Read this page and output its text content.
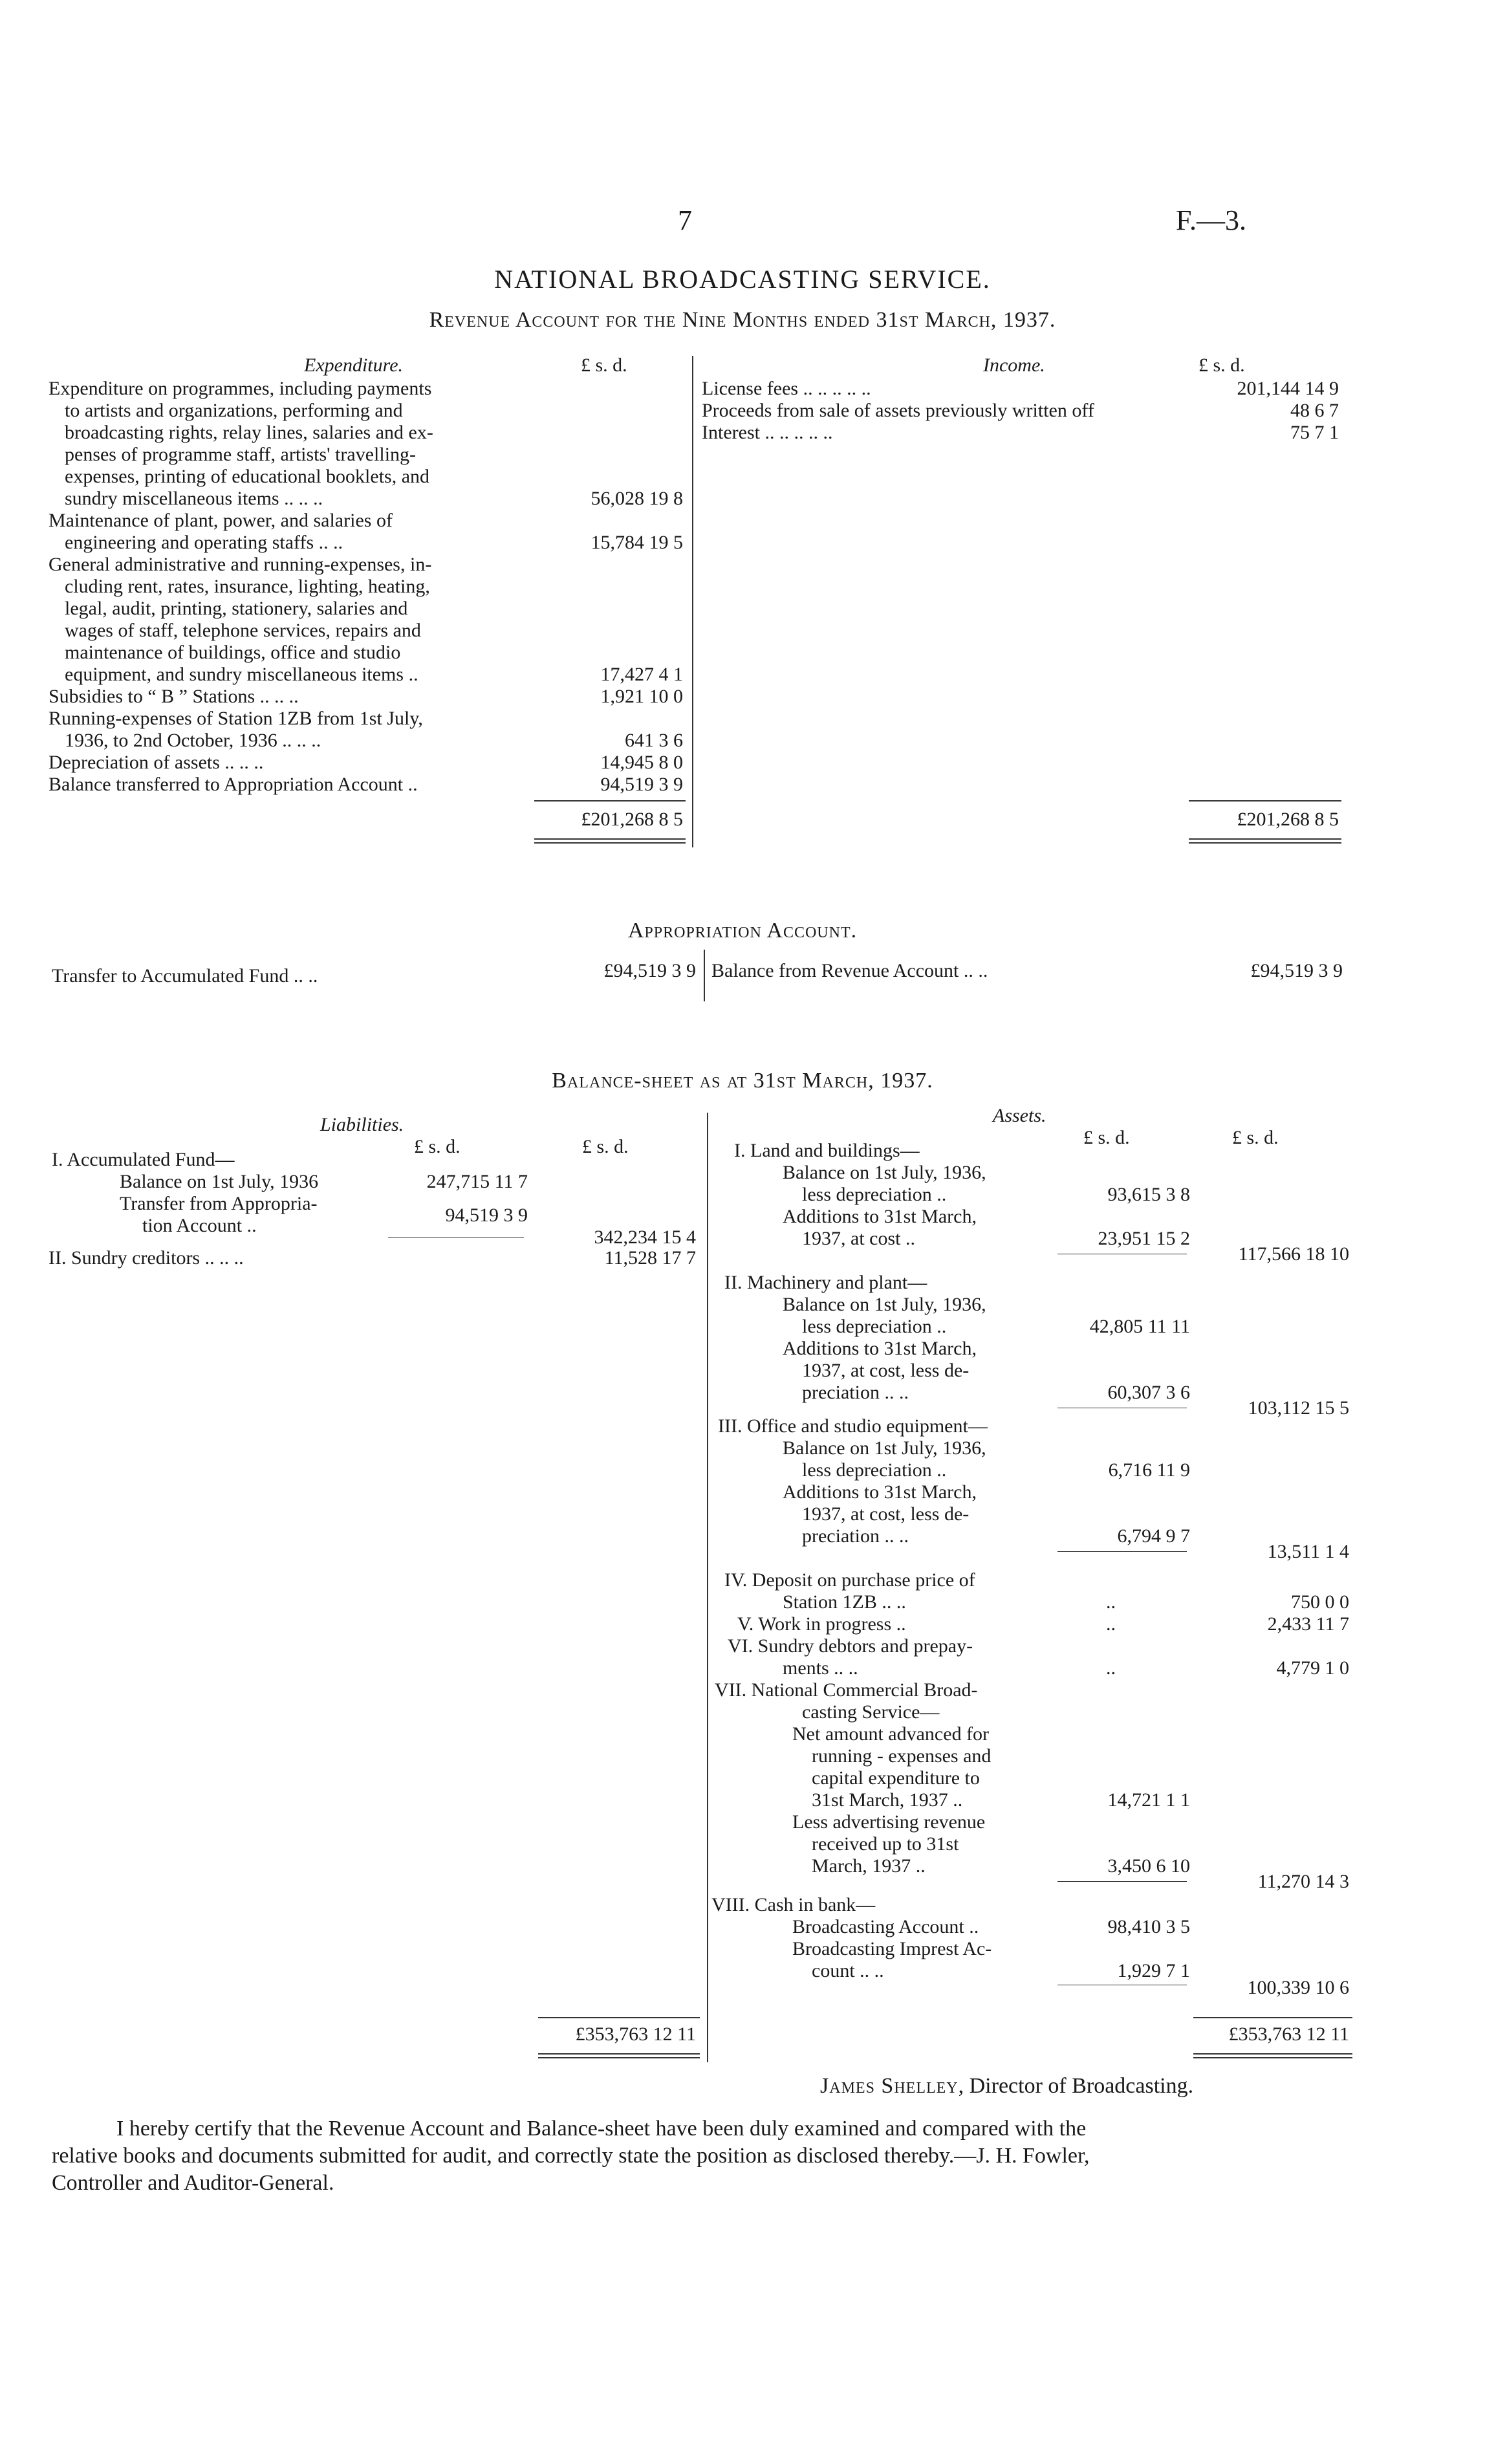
7	F.—3.
NATIONAL BROADCASTING SERVICE.
Revenue Account for the Nine Months ended 31st March, 1937.
Expenditure.	£ s. d.	Income.	£ s. d.
Expenditure on programmes, including payments
to artists and organizations, performing and
broadcasting rights, relay lines, salaries and ex-
penses of programme staff, artists' travelling-
expenses, printing of educational booklets, and
sundry miscellaneous items .. .. ..	56,028 19 8
Maintenance of plant, power, and salaries of
engineering and operating staffs .. ..	15,784 19 5
General administrative and running-expenses, in-
cluding rent, rates, insurance, lighting, heating,
legal, audit, printing, stationery, salaries and
wages of staff, telephone services, repairs and
maintenance of buildings, office and studio
equipment, and sundry miscellaneous items ..	17,427 4 1
Subsidies to “ B ” Stations .. .. ..	1,921 10 0
Running-expenses of Station 1ZB from 1st July,
1936, to 2nd October, 1936 .. .. ..	641 3 6
Depreciation of assets .. .. ..	14,945 8 0
Balance transferred to Appropriation Account ..	94,519 3 9
£201,268 8 5
License fees .. .. .. .. ..	201,144 14 9
Proceeds from sale of assets previously written off	48 6 7
Interest .. .. .. .. ..	75 7 1
£201,268 8 5
Appropriation Account.
Transfer to Accumulated Fund .. ..	£94,519 3 9 Balance from Revenue Account .. ..	£94,519 3 9
Balance-sheet as at 31st March, 1937.
Liabilities.	Assets.
£ s. d.	£ s. d.	£ s. d.	£ s. d.
I. Accumulated Fund—
Balance on 1st July, 1936	247,715 11 7
Transfer from Appropria-
tion Account ..	94,519 3 9
342,234 15 4
II. Sundry creditors .. .. ..	11,528 17 7
£353,763 12 11
I. Land and buildings—
Balance on 1st July, 1936,
less depreciation ..	93,615 3 8
Additions to 31st March,
1937, at cost ..	23,951 15 2
117,566 18 10
II. Machinery and plant—
Balance on 1st July, 1936,
less depreciation ..	42,805 11 11
Additions to 31st March,
1937, at cost, less de-
preciation .. ..	60,307 3 6
103,112 15 5
III. Office and studio equipment—
Balance on 1st July, 1936,
less depreciation ..	6,716 11 9
Additions to 31st March,
1937, at cost, less de-
preciation .. ..	6,794 9 7
13,511 1 4
IV. Deposit on purchase price of
Station 1ZB .. ..	..	750 0 0
V. Work in progress ..	..	2,433 11 7
VI. Sundry debtors and prepay-
ments .. ..	..	4,779 1 0
VII. National Commercial Broad-
casting Service—
Net amount advanced for
running - expenses and
capital expenditure to
31st March, 1937 ..	14,721 1 1
Less advertising revenue
received up to 31st
March, 1937 ..	3,450 6 10
11,270 14 3
VIII. Cash in bank—
Broadcasting Account ..	98,410 3 5
Broadcasting Imprest Ac-
count .. ..	1,929 7 1
100,339 10 6
£353,763 12 11
James Shelley, Director of Broadcasting.
I hereby certify that the Revenue Account and Balance-sheet have been duly examined and compared with the
relative books and documents submitted for audit, and correctly state the position as disclosed thereby.—J. H. Fowler,
Controller and Auditor-General.
